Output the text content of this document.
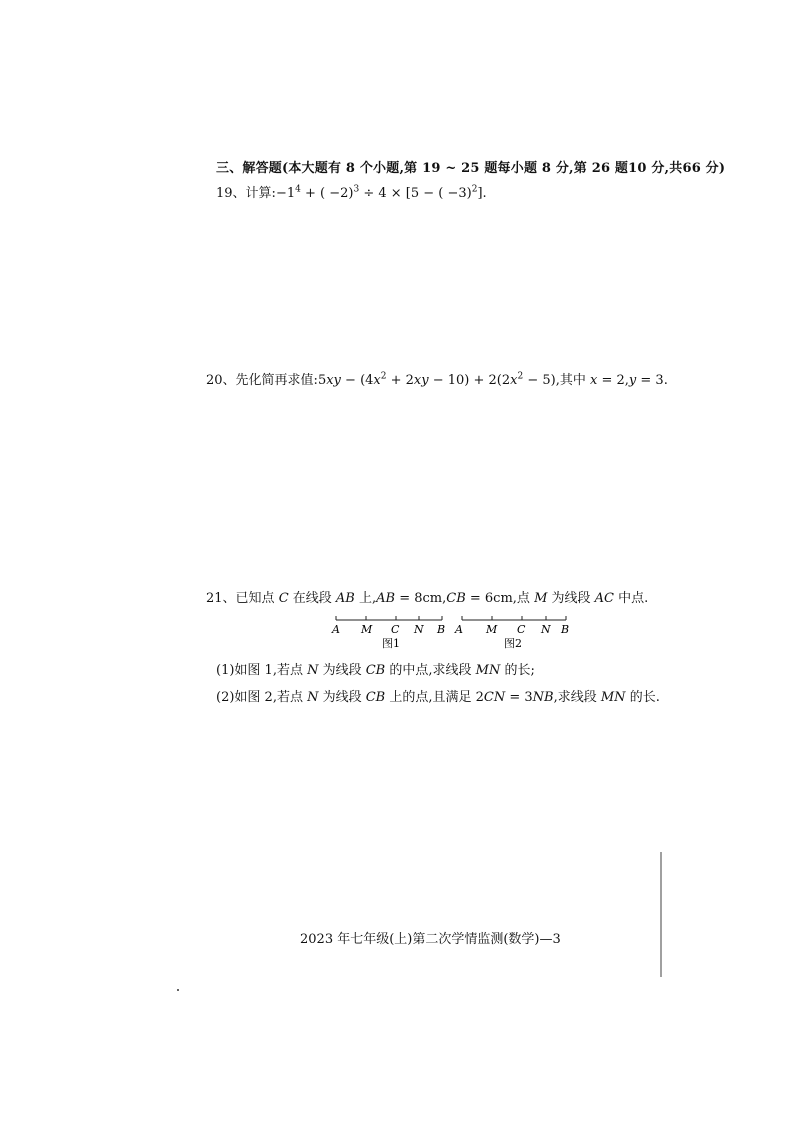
三、解答题(本大题有 8 个小题,第 19 ~ 25 题每小题 8 分,第 26 题10 分,共66 分)
19、计算$:-1^4$ + ( −2)$^3$ ÷ 4 × [5 − ( −3)$^2$].
20、先化简再求值:5xy − $(4x^2 + 2xy - 10) + 2(2x^2 - 5)$,其中 x = 2,y = 3.
21、已知点 C 在线段 AB 上,AB = 8cm,CB = 6cm,点 M 为线段 AC 中点.
A M C N B
图1
A M C N B
图2
(1)如图 1,若点 N 为线段 CB 的中点,求线段 MN 的长;
(2)如图 2,若点 N 为线段 CB 上的点,且满足 2CN = 3NB,求线段 MN 的长.
2023 年七年级(上)第二次学情监测(数学)—3
